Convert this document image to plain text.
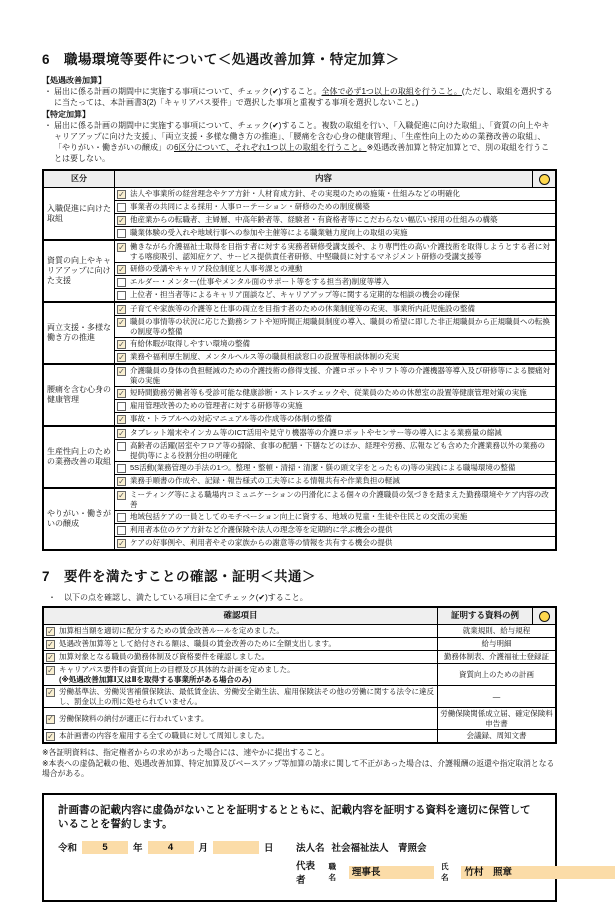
6　職場環境等要件について＜処遇改善加算・特定加算＞
【処遇改善加算】
・ 届出に係る計画の期間中に実施する事項について、チェック(✔)すること。全体で必ず1つ以上の取組を行うこと。(ただし、取組を選択するに当たっては、本計画書3(2)「キャリアパス要件」で選択した事項と重複する事項を選択しないこと。)
【特定加算】
・ 届出に係る計画の期間中に実施する事項について、チェック(✔)すること。複数の取組を行い、「入職促進に向けた取組」、「資質の向上やキャリアアップに向けた支援」、「両立支援・多様な働き方の推進」、「腰痛を含む心身の健康管理」、「生産性向上のための業務改善の取組」、「やりがい・働きがいの醸成」の6区分について、それぞれ1つ以上の取組を行うこと。※処遇改善加算と特定加算とで、別の取組を行うことは要しない。
区分	内容	

入職促進に向けた取組	✓ 法人や事業所の経営理念やケア方針・人材育成方針、その実現のための施策・仕組みなどの明確化	

	事業者の共同による採用・人事ローテーション・研修のための制度構築	

✓ 他産業からの転職者、主婦層、中高年齢者等、経験者・有資格者等にこだわらない幅広い採用の仕組みの構築	

	職業体験の受入れや地域行事への参加や主催等による職業魅力度向上の取組の実施	

資質の向上やキャリアアップに向けた支援	✓ 働きながら介護福祉士取得を目指す者に対する実務者研修受講支援や、より専門性の高い介護技術を取得しようとする者に対する喀痰吸引、認知症ケア、サービス提供責任者研修、中堅職員に対するマネジメント研修の受講支援等	

✓ 研修の受講やキャリア段位制度と人事考課との連動	

	エルダー・メンター(仕事やメンタル面のサポート等をする担当者)制度等導入	

	上位者・担当者等によるキャリア面談など、キャリアアップ等に関する定期的な相談の機会の確保	

両立支援・多様な働き方の推進	✓ 子育てや家族等の介護等と仕事の両立を目指す者のための休業制度等の充実、事業所内託児施設の整備	

✓ 職員の事情等の状況に応じた勤務シフトや短時間正規職員制度の導入、職員の希望に即した非正規職員から正規職員への転換の制度等の整備	

✓ 有給休暇が取得しやすい環境の整備	

✓ 業務や福利厚生制度、メンタルヘルス等の職員相談窓口の設置等相談体制の充実	

腰痛を含む心身の健康管理	✓ 介護職員の身体の負担軽減のための介護技術の修得支援、介護ロボットやリフト等の介護機器等導入及び研修等による腰痛対策の実施	

✓ 短時間勤務労働者等も受診可能な健康診断・ストレスチェックや、従業員のための休憩室の設置等健康管理対策の実施	

	雇用管理改善のための管理者に対する研修等の実施	

✓ 事故・トラブルへの対応マニュアル等の作成等の体制の整備	

生産性向上のための業務改善の取組	✓ タブレット端末やインカム等のICT活用や見守り機器等の介護ロボットやセンサー等の導入による業務量の縮減	

	高齢者の活躍(居室やフロア等の掃除、食事の配膳・下膳などのほか、経理や労務、広報なども含めた介護業務以外の業務の提供)等による役割分担の明確化	

	5S活動(業務管理の手法の1つ。整理・整頓・清掃・清潔・躾の頭文字をとったもの)等の実践による職場環境の整備	

✓ 業務手順書の作成や、記録・報告様式の工夫等による情報共有や作業負担の軽減	

やりがい・働きがいの醸成	✓ ミーティング等による職場内コミュニケーションの円滑化による個々の介護職員の気づきを踏まえた勤務環境やケア内容の改善	

	地域包括ケアの一員としてのモチベーション向上に資する、地域の児童・生徒や住民との交流の実施	

	利用者本位のケア方針など介護保険や法人の理念等を定期的に学ぶ機会の提供	

✓ ケアの好事例や、利用者やその家族からの謝意等の情報を共有する機会の提供	
7　要件を満たすことの確認・証明＜共通＞
・　以下の点を確認し、満たしている項目に全てチェック(✔)すること。
確認項目	証明する資料の例	

✓ 加算相当額を適切に配分するための賃金改善ルールを定めました。	就業規則、給与規程	

✓ 処遇改善加算等として給付される額は、職員の賃金改善のために全額支出します。	給与明細	

✓ 加算対象となる職員の勤務体制及び資格要件を確認しました。	勤務体制表、介護福祉士登録証	

✓ キャリアパス要件Ⅱの資質向上の目標及び具体的な計画を定めました。
(※処遇改善加算Ⅰ又はⅡを取得する事業所がある場合のみ)	資質向上のための計画	

✓ 労働基準法、労働災害補償保険法、最低賃金法、労働安全衛生法、雇用保険法その他の労働に関する法令に違反し、罰金以上の刑に処せられていません。	―	

✓ 労働保険料の納付が適正に行われています。	労働保険関係成立届、確定保険料申告書	

✓ 本計画書の内容を雇用する全ての職員に対して周知しました。	会議録、周知文書	

※各証明資料は、指定権者からの求めがあった場合には、速やかに提出すること。

※本表への虚偽記載の他、処遇改善加算、特定加算及びベースアップ等加算の請求に関して不正があった場合は、介護報酬の返還や指定取消となる場合がある。

計画書の記載内容に虚偽がないことを証明するとともに、記載内容を証明する資料を適切に保管していることを誓約します。
令和	5	年	4	月	日 法人名 社会福祉法人　青照会
代表者
職名	理事長	氏名	竹村　照章
